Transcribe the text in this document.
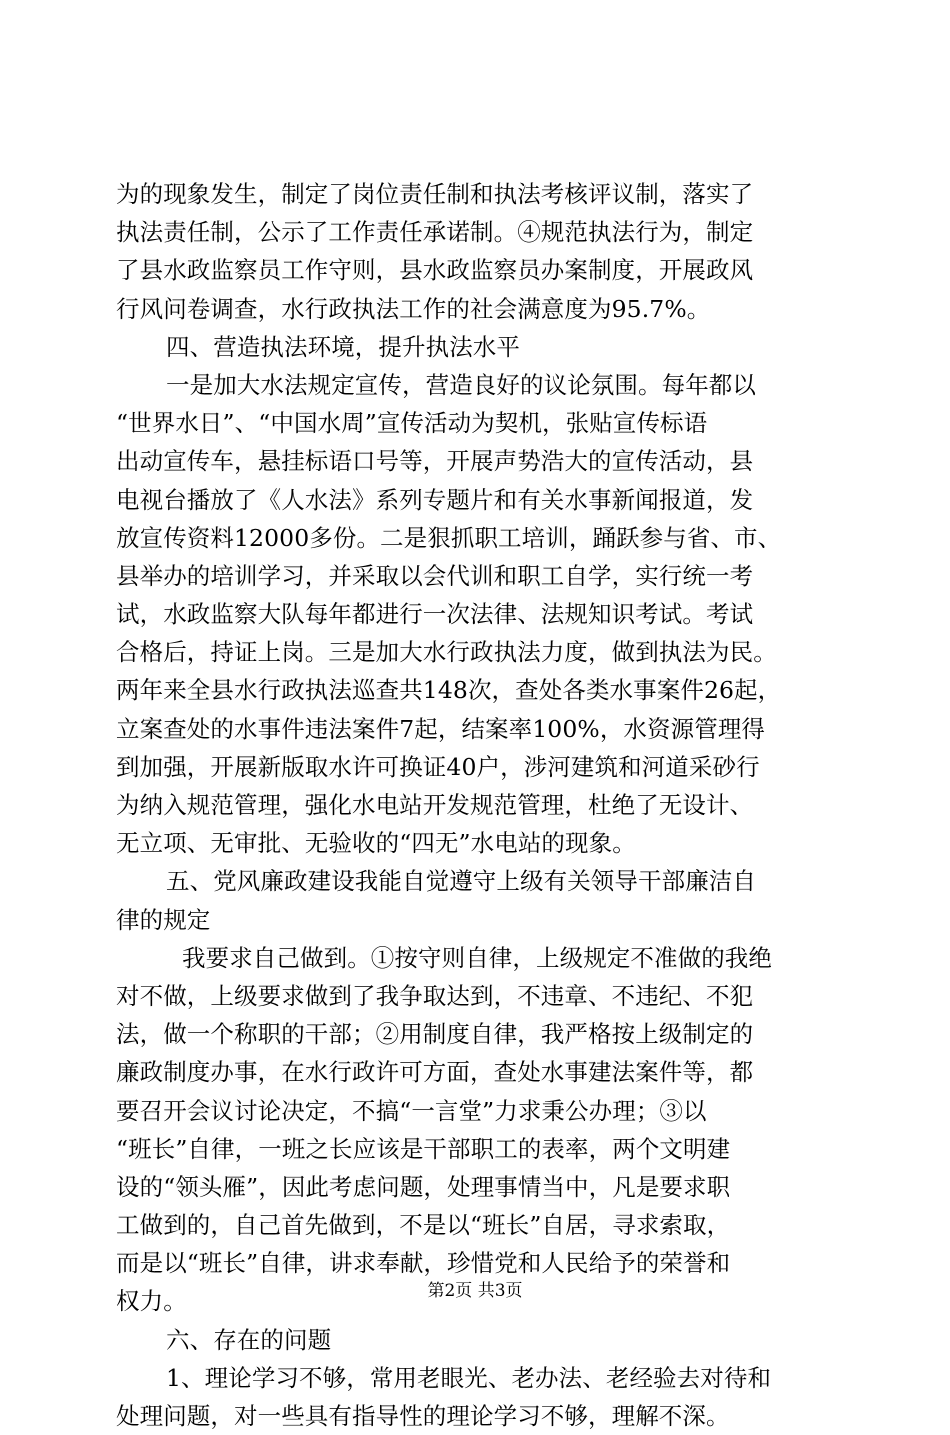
为的现象发生，制定了岗位责任制和执法考核评议制，落实了
执法责任制，公示了工作责任承诺制。④规范执法行为，制定
了县水政监察员工作守则，县水政监察员办案制度，开展政风
行风问卷调查，水行政执法工作的社会满意度为95.7%。
四、营造执法环境，提升执法水平
一是加大水法规定宣传，营造良好的议论氛围。每年都以
“世界水日”、“中国水周”宣传活动为契机，张贴宣传标语
出动宣传车，悬挂标语口号等，开展声势浩大的宣传活动，县
电视台播放了《人水法》系列专题片和有关水事新闻报道，发
放宣传资料12000多份。二是狠抓职工培训，踊跃参与省、市、
县举办的培训学习，并采取以会代训和职工自学，实行统一考
试，水政监察大队每年都进行一次法律、法规知识考试。考试
合格后，持证上岗。三是加大水行政执法力度，做到执法为民。
两年来全县水行政执法巡查共148次，查处各类水事案件26起，
立案查处的水事件违法案件7起，结案率100%，水资源管理得
到加强，开展新版取水许可换证40户，涉河建筑和河道采砂行
为纳入规范管理，强化水电站开发规范管理，杜绝了无设计、
无立项、无审批、无验收的“四无”水电站的现象。
五、党风廉政建设我能自觉遵守上级有关领导干部廉洁自
律的规定
我要求自己做到。①按守则自律，上级规定不准做的我绝
对不做，上级要求做到了我争取达到，不违章、不违纪、不犯
法，做一个称职的干部；②用制度自律，我严格按上级制定的
廉政制度办事，在水行政许可方面，查处水事建法案件等，都
要召开会议讨论决定，不搞“一言堂”力求秉公办理；③以
“班长”自律，一班之长应该是干部职工的表率，两个文明建
设的“领头雁”，因此考虑问题，处理事情当中，凡是要求职
工做到的，自己首先做到，不是以“班长”自居，寻求索取，
而是以“班长”自律，讲求奉献，珍惜党和人民给予的荣誉和
权力。
六、存在的问题
1、理论学习不够，常用老眼光、老办法、老经验去对待和
处理问题，对一些具有指导性的理论学习不够，理解不深。
第2页 共3页
